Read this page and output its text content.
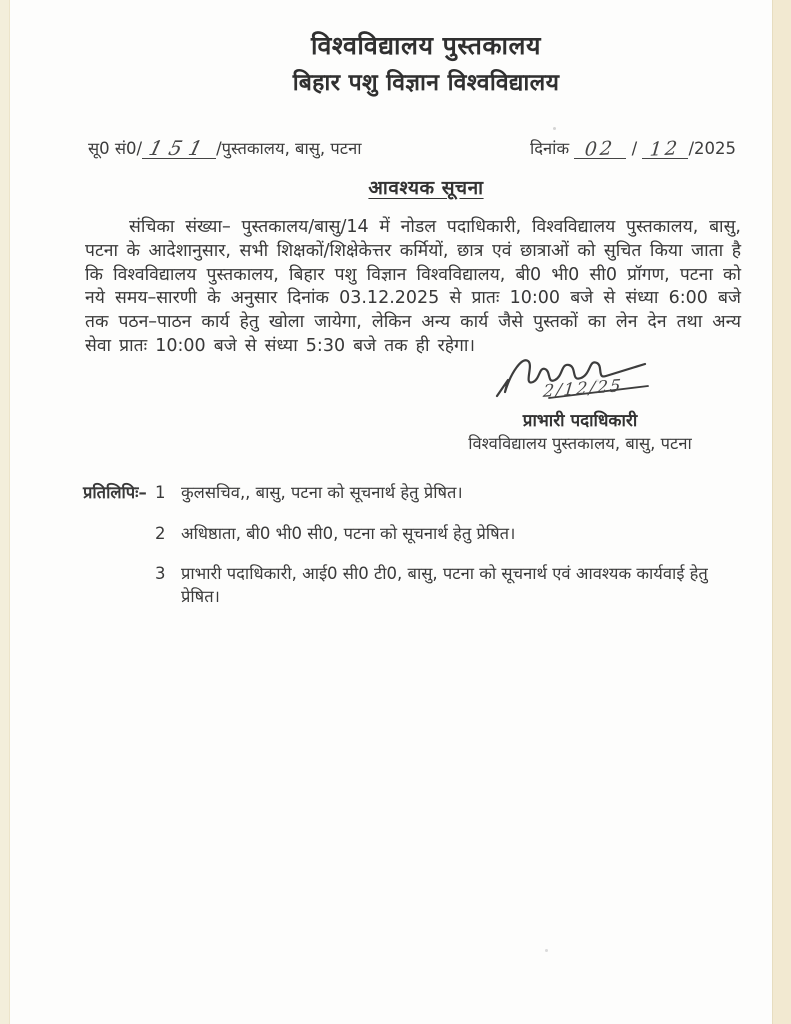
विश्वविद्यालय पुस्तकालय
बिहार पशु विज्ञान विश्वविद्यालय
सू0 सं0/ 151 /पुस्तकालय, बासु, पटना	दिनांक 02 / 12 /2025
आवश्यक सूचना
संचिका संख्या– पुस्तकालय/बासु/14 में नोडल पदाधिकारी, विश्वविद्यालय पुस्तकालय, बासु, पटना के आदेशानुसार, सभी शिक्षकों/शिक्षेकेत्तर कर्मियों, छात्र एवं छात्राओं को सुचित किया जाता है कि विश्वविद्यालय पुस्तकालय, बिहार पशु विज्ञान विश्वविद्यालय, बी0 भी0 सी0 प्रॉगण, पटना को नये समय–सारणी के अनुसार दिनांक 03.12.2025 से प्रातः 10:00 बजे से संध्या 6:00 बजे तक पठन–पाठन कार्य हेतु खोला जायेगा, लेकिन अन्य कार्य जैसे पुस्तकों का लेन देन तथा अन्य सेवा प्रातः 10:00 बजे से संध्या 5:30 बजे तक ही रहेगा।
2/12/25
प्राभारी पदाधिकारी
विश्वविद्यालय पुस्तकालय, बासु, पटना
प्रतिलिपिः– 1 कुलसचिव,, बासु, पटना को सूचनार्थ हेतु प्रेषित।
2 अधिष्ठाता, बी0 भी0 सी0, पटना को सूचनार्थ हेतु प्रेषित।
3 प्राभारी पदाधिकारी, आई0 सी0 टी0, बासु, पटना को सूचनार्थ एवं आवश्यक कार्यवाई हेतु प्रेषित।
